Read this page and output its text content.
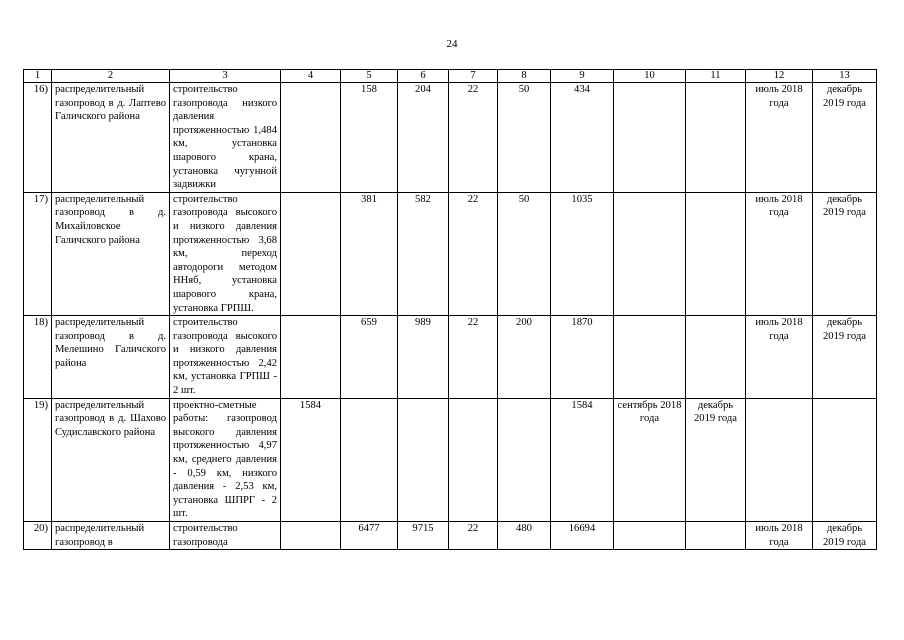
24
1	2	3	4	5	6	7	8	9	10	11	12	13
16)	распределительный газопровод в д. Лаптево Галичского района	строительство газопровода низкого давления протяженностью 1,484 км, установка шарового крана, установка чугунной задвижки		158	204	22	50	434			июль 2018 года	декабрь 2019 года
17)	распределительный газопровод в д. Михайловское Галичского района	строительство газопровода высокого и низкого давления протяженностью 3,68 км, переход автодороги методом ННяб, установка шарового крана, установка ГРПШ.		381	582	22	50	1035			июль 2018 года	декабрь 2019 года
18)	распределительный газопровод в д. Мелешино Галичского района	строительство газопровода высокого и низкого давления протяженностью 2,42 км, установка ГРПШ - 2 шт.		659	989	22	200	1870			июль 2018 года	декабрь 2019 года
19)	распределительный газопровод в д. Шахово Судиславского района	проектно-сметные работы: газопровод высокого давления протяженностью 4,97 км, среднего давления - 0,59 км, низкого давления - 2,53 км, установка ШПРГ - 2 шт.	1584					1584	сентябрь 2018 года	декабрь 2019 года		
20)	распределительный газопровод в	строительство газопровода		6477	9715	22	480	16694			июль 2018 года	декабрь 2019 года
